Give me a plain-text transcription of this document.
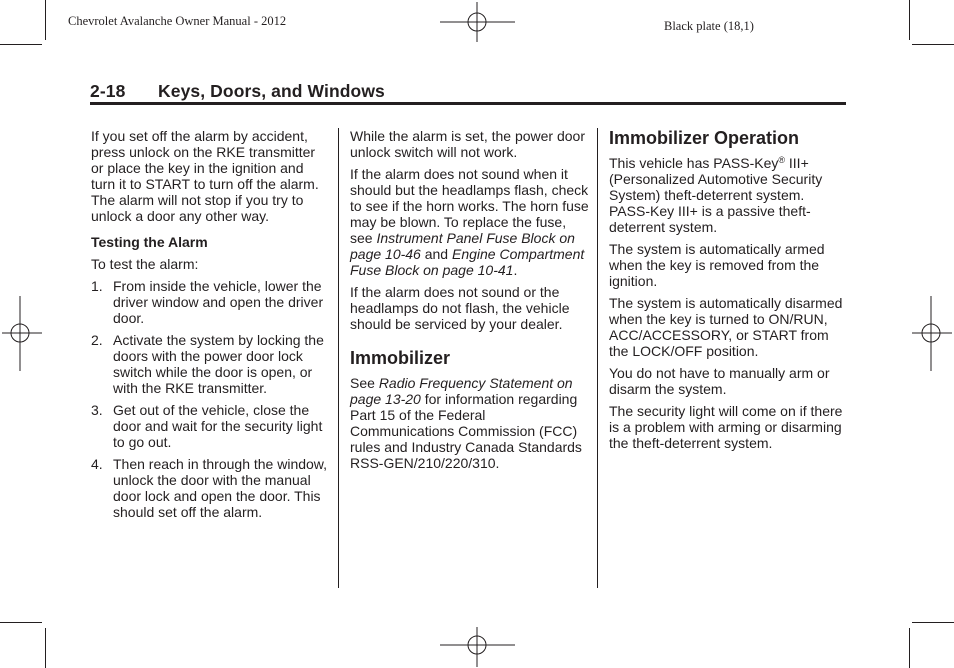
Chevrolet Avalanche Owner Manual - 2012	Black plate (18,1)
2-18 Keys, Doors, and Windows

If you set off the alarm by accident, press unlock on the RKE transmitter or place the key in the ignition and turn it to START to turn off the alarm. The alarm will not stop if you try to unlock a door any other way.

Testing the Alarm

To test the alarm:

1. From inside the vehicle, lower the driver window and open the driver door.
2. Activate the system by locking the doors with the power door lock switch while the door is open, or with the RKE transmitter.
3. Get out of the vehicle, close the door and wait for the security light to go out.
4. Then reach in through the window, unlock the door with the manual door lock and open the door. This should set off the alarm.

While the alarm is set, the power door unlock switch will not work.

If the alarm does not sound when it should but the headlamps flash, check to see if the horn works. The horn fuse may be blown. To replace the fuse, see Instrument Panel Fuse Block on page 10-46 and Engine Compartment Fuse Block on page 10-41.

If the alarm does not sound or the headlamps do not flash, the vehicle should be serviced by your dealer.

Immobilizer

See Radio Frequency Statement on page 13-20 for information regarding Part 15 of the Federal Communications Commission (FCC) rules and Industry Canada Standards RSS-GEN/210/220/310.

Immobilizer Operation

This vehicle has PASS-Key® III+ (Personalized Automotive Security System) theft-deterrent system. PASS-Key III+ is a passive theft-deterrent system.

The system is automatically armed when the key is removed from the ignition.

The system is automatically disarmed when the key is turned to ON/RUN, ACC/ACCESSORY, or START from the LOCK/OFF position.

You do not have to manually arm or disarm the system.

The security light will come on if there is a problem with arming or disarming the theft-deterrent system.
